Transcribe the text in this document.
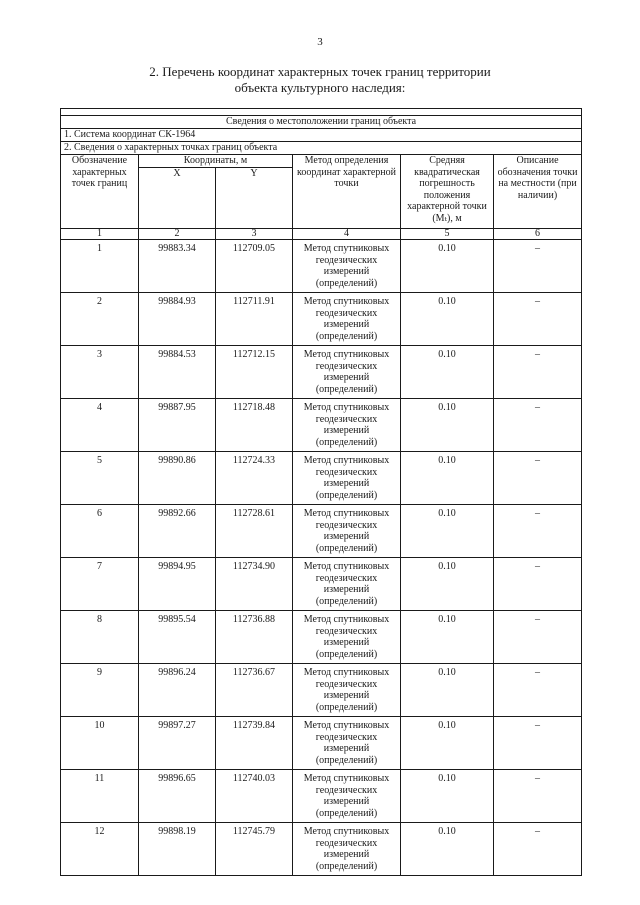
3
2. Перечень координат характерных точек границ территории
объекта культурного наследия:

Сведения о местоположении границ объекта					
1. Система координат СК-1964					
2. Сведения о характерных точках границ объекта					
Обозначение характерных точек границ	Координаты, м		Метод определения координат характерной точки	Средняя квадратическая погрешность положения характерной точки (Mₜ), м	Описание обозначения точки на местности (при наличии)
	X	Y			
1	2	3	4	5	6
1	99883.34	112709.05	Метод спутниковых
геодезических
измерений
(определений)	0.10	–
2	99884.93	112711.91	Метод спутниковых
геодезических
измерений
(определений)	0.10	–
3	99884.53	112712.15	Метод спутниковых
геодезических
измерений
(определений)	0.10	–
4	99887.95	112718.48	Метод спутниковых
геодезических
измерений
(определений)	0.10	–
5	99890.86	112724.33	Метод спутниковых
геодезических
измерений
(определений)	0.10	–
6	99892.66	112728.61	Метод спутниковых
геодезических
измерений
(определений)	0.10	–
7	99894.95	112734.90	Метод спутниковых
геодезических
измерений
(определений)	0.10	–
8	99895.54	112736.88	Метод спутниковых
геодезических
измерений
(определений)	0.10	–
9	99896.24	112736.67	Метод спутниковых
геодезических
измерений
(определений)	0.10	–
10	99897.27	112739.84	Метод спутниковых
геодезических
измерений
(определений)	0.10	–
11	99896.65	112740.03	Метод спутниковых
геодезических
измерений
(определений)	0.10	–
12	99898.19	112745.79	Метод спутниковых
геодезических
измерений
(определений)	0.10	–
